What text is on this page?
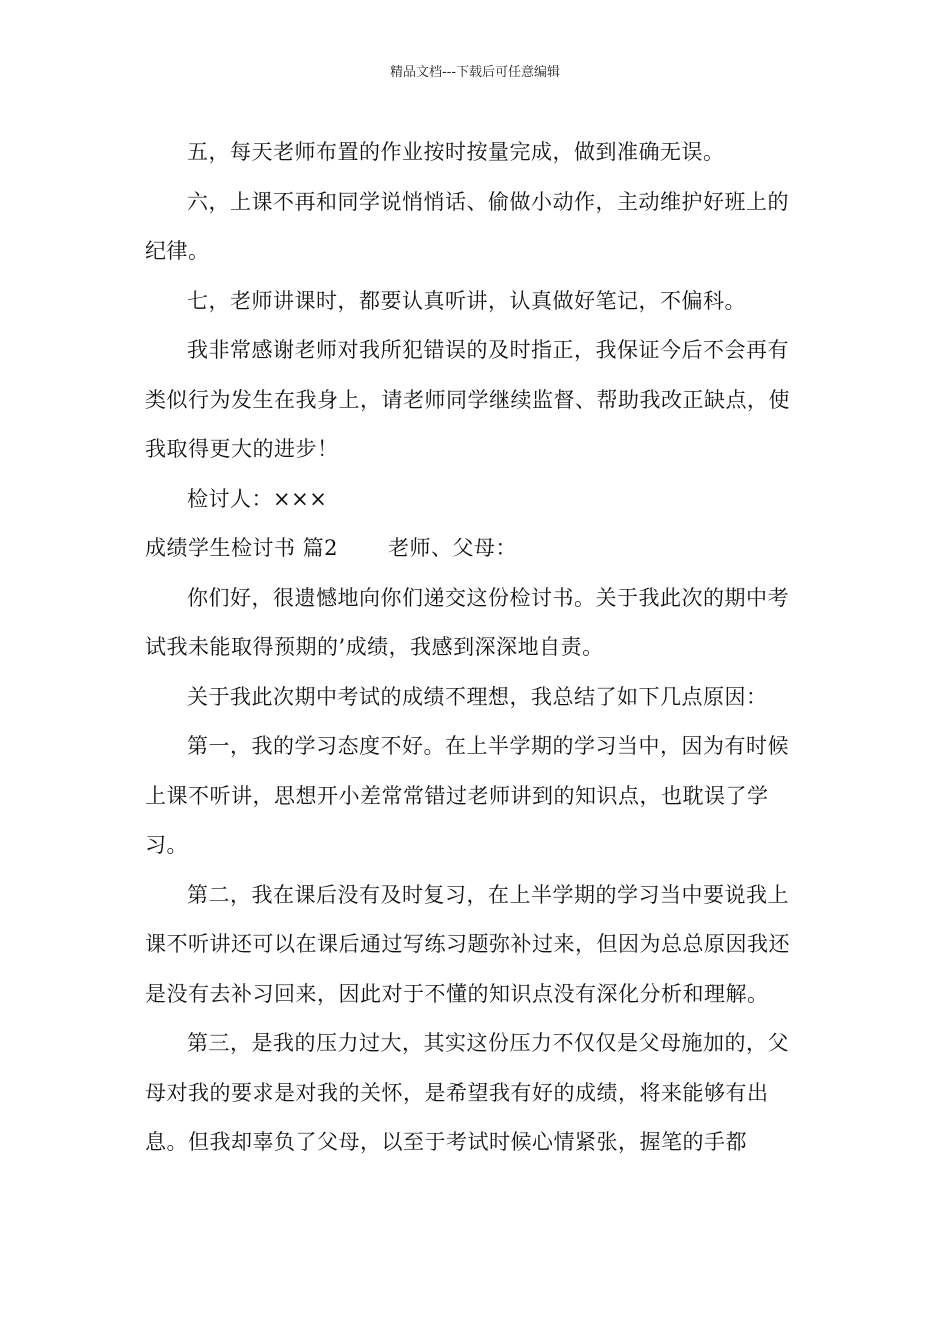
精品文档---下载后可任意编辑

五，每天老师布置的作业按时按量完成，做到准确无误。

六，上课不再和同学说悄悄话、偷做小动作，主动维护好班上的纪律。

七，老师讲课时，都要认真听讲，认真做好笔记，不偏科。

我非常感谢老师对我所犯错误的及时指正，我保证今后不会再有类似行为发生在我身上，请老师同学继续监督、帮助我改正缺点，使我取得更大的进步！

检讨人：×××

成绩学生检讨书 篇2 老师、父母：

你们好，很遗憾地向你们递交这份检讨书。关于我此次的期中考试我未能取得预期的’成绩，我感到深深地自责。

关于我此次期中考试的成绩不理想，我总结了如下几点原因：

第一，我的学习态度不好。在上半学期的学习当中，因为有时候上课不听讲，思想开小差常常错过老师讲到的知识点，也耽误了学习。

第二，我在课后没有及时复习，在上半学期的学习当中要说我上课不听讲还可以在课后通过写练习题弥补过来，但因为总总原因我还是没有去补习回来，因此对于不懂的知识点没有深化分析和理解。

第三，是我的压力过大，其实这份压力不仅仅是父母施加的，父母对我的要求是对我的关怀，是希望我有好的成绩，将来能够有出息。但我却辜负了父母，以至于考试时候心情紧张，握笔的手都
